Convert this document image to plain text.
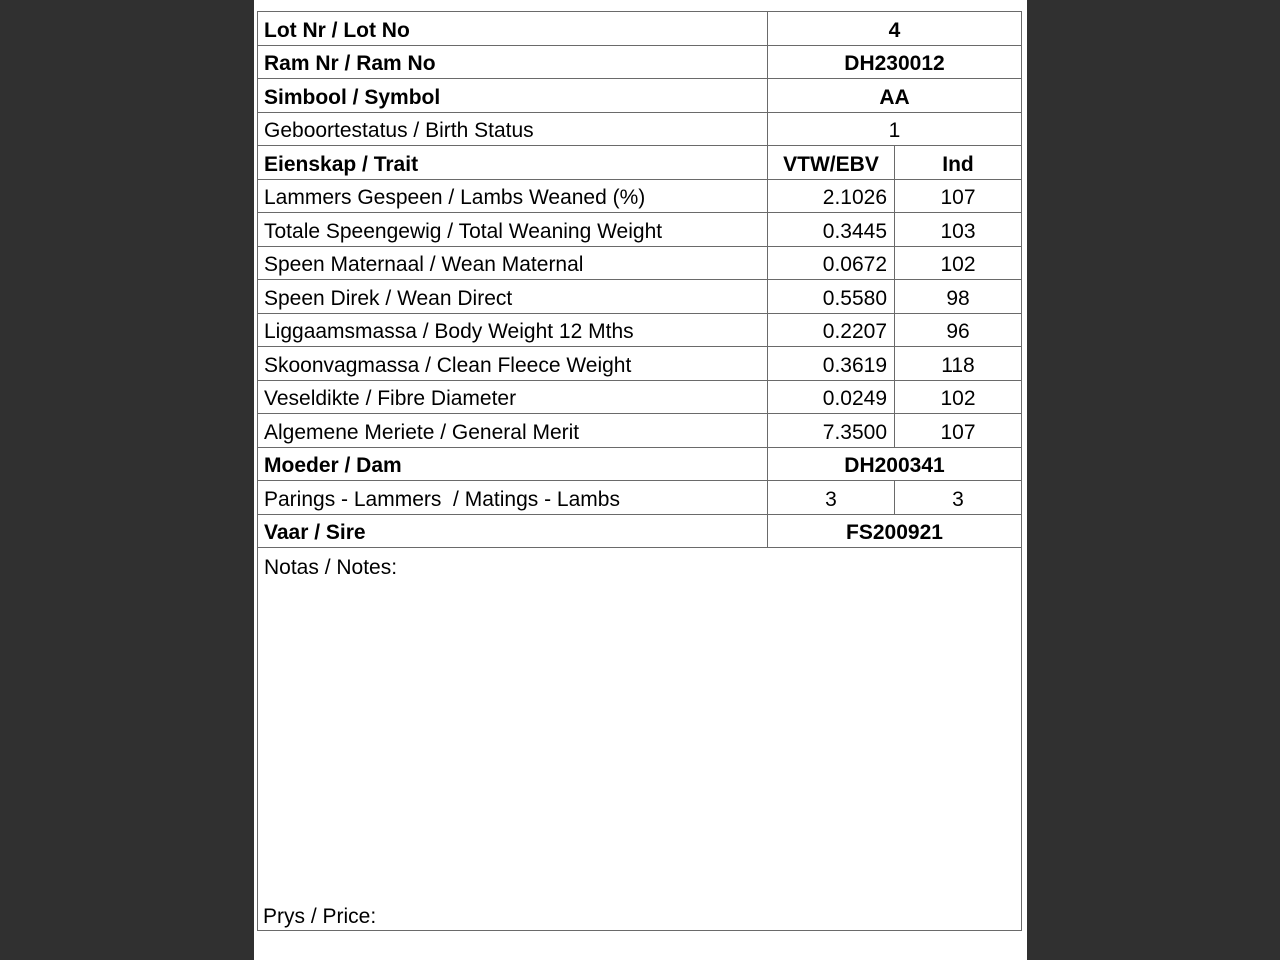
Lot Nr / Lot No	4	
Ram Nr / Ram No	DH230012	
Simbool / Symbol	AA	
Geboortestatus / Birth Status	1	
Eienskap / Trait	VTW/EBV	Ind
Lammers Gespeen / Lambs Weaned (%)	2.1026	107
Totale Speengewig / Total Weaning Weight	0.3445	103
Speen Maternaal / Wean Maternal	0.0672	102
Speen Direk / Wean Direct	0.5580	98
Liggaamsmassa / Body Weight 12 Mths	0.2207	96
Skoonvagmassa / Clean Fleece Weight	0.3619	118
Veseldikte / Fibre Diameter	0.0249	102
Algemene Meriete / General Merit	7.3500	107
Moeder / Dam	DH200341	
Parings - Lammers  / Matings - Lambs	3	3
Vaar / Sire	FS200921	
Notas / Notes:
Prys / Price:		
